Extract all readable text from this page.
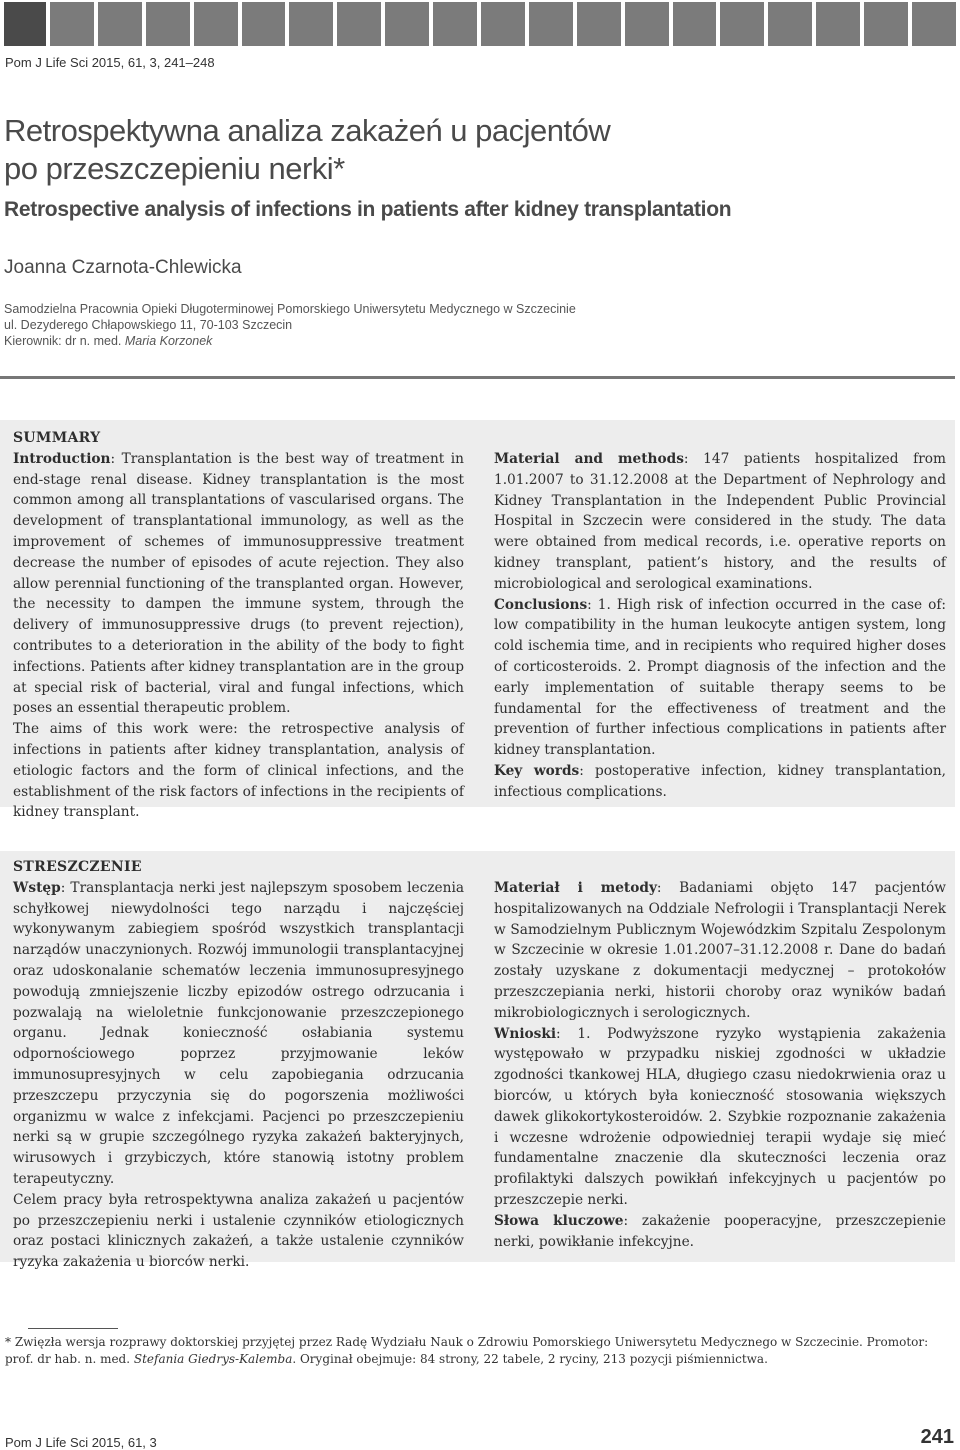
Pom J Life Sci 2015, 61, 3, 241–248
Retrospektywna analiza zakażeń u pacjentów
po przeszczepieniu nerki*
Retrospective analysis of infections in patients after kidney transplantation
Joanna Czarnota-Chlewicka
Samodzielna Pracownia Opieki Długoterminowej Pomorskiego Uniwersytetu Medycznego w Szczecinie
ul. Dezyderego Chłapowskiego 11, 70-103 Szczecin
Kierownik: dr n. med. Maria Korzonek
SUMMARY

Introduction: Transplantation is the best way of treatment in end-stage renal disease. Kidney transplantation is the most common among all transplantations of vascularised organs. The development of transplantational immunology, as well as the improvement of schemes of immunosuppressive treatment decrease the number of episodes of acute rejection. They also allow perennial functioning of the transplanted organ. However, the necessity to dampen the immune system, through the delivery of immunosuppressive drugs (to prevent rejection), contributes to a deterioration in the ability of the body to fight infections. Patients after kidney transplantation are in the group at special risk of bacterial, viral and fungal infections, which poses an essential therapeutic problem.

The aims of this work were: the retrospective analysis of infections in patients after kidney transplantation, analysis of etiologic factors and the form of clinical infections, and the establishment of the risk factors of infections in the recipients of kidney transplant.

Material and methods: 147 patients hospitalized from 1.01.2007 to 31.12.2008 at the Department of Nephrology and Kidney Transplantation in the Independent Public Provincial Hospital in Szczecin were considered in the study. The data were obtained from medical records, i.e. operative reports on kidney transplant, patient’s history, and the results of microbiological and serological examinations.

Conclusions: 1. High risk of infection occurred in the case of: low compatibility in the human leukocyte antigen system, long cold ischemia time, and in recipients who required higher doses of corticosteroids. 2. Prompt diagnosis of the infection and the early implementation of suitable therapy seems to be fundamental for the effectiveness of treatment and the prevention of further infectious complications in patients after kidney transplantation.

Key words: postoperative infection, kidney transplantation, infectious complications.

STRESZCZENIE

Wstęp: Transplantacja nerki jest najlepszym sposobem leczenia schyłkowej niewydolności tego narządu i najczęściej wykonywanym zabiegiem spośród wszystkich transplantacji narządów unaczynionych. Rozwój immunologii transplantacyjnej oraz udoskonalanie schematów leczenia immunosupresyjnego powodują zmniejszenie liczby epizodów ostrego odrzucania i pozwalają na wieloletnie funkcjonowanie przeszczepionego organu. Jednak konieczność osłabiania systemu odpornościowego poprzez przyjmowanie leków immunosupresyjnych w celu zapobiegania odrzucania przeszczepu przyczynia się do pogorszenia możliwości organizmu w walce z infekcjami. Pacjenci po przeszczepieniu nerki są w grupie szczególnego ryzyka zakażeń bakteryjnych, wirusowych i grzybiczych, które stanowią istotny problem terapeutyczny.

Celem pracy była retrospektywna analiza zakażeń u pacjentów po przeszczepieniu nerki i ustalenie czynników etiologicznych oraz postaci klinicznych zakażeń, a także ustalenie czynników ryzyka zakażenia u biorców nerki.

Materiał i metody: Badaniami objęto 147 pacjentów hospitalizowanych na Oddziale Nefrologii i Transplantacji Nerek w Samodzielnym Publicznym Wojewódzkim Szpitalu Zespolonym w Szczecinie w okresie 1.01.2007–31.12.2008 r. Dane do badań zostały uzyskane z dokumentacji medycznej – protokołów przeszczepiania nerki, historii choroby oraz wyników badań mikrobiologicznych i serologicznych.

Wnioski: 1. Podwyższone ryzyko wystąpienia zakażenia występowało w przypadku niskiej zgodności w układzie zgodności tkankowej HLA, długiego czasu niedokrwienia oraz u biorców, u których była konieczność stosowania większych dawek glikokortykosteroidów. 2. Szybkie rozpoznanie zakażenia i wczesne wdrożenie odpowiedniej terapii wydaje się mieć fundamentalne znaczenie dla skuteczności leczenia oraz profilaktyki dalszych powikłań infekcyjnych u pacjentów po przeszczepie nerki.

Słowa kluczowe: zakażenie pooperacyjne, przeszczepienie nerki, powikłanie infekcyjne.

* Zwięzła wersja rozprawy doktorskiej przyjętej przez Radę Wydziału Nauk o Zdrowiu Pomorskiego Uniwersytetu Medycznego w Szczecinie. Promotor: prof. dr hab. n. med. Stefania Giedrys-Kalemba. Oryginał obejmuje: 84 strony, 22 tabele, 2 ryciny, 213 pozycji piśmiennictwa.
Pom J Life Sci 2015, 61, 3	241
